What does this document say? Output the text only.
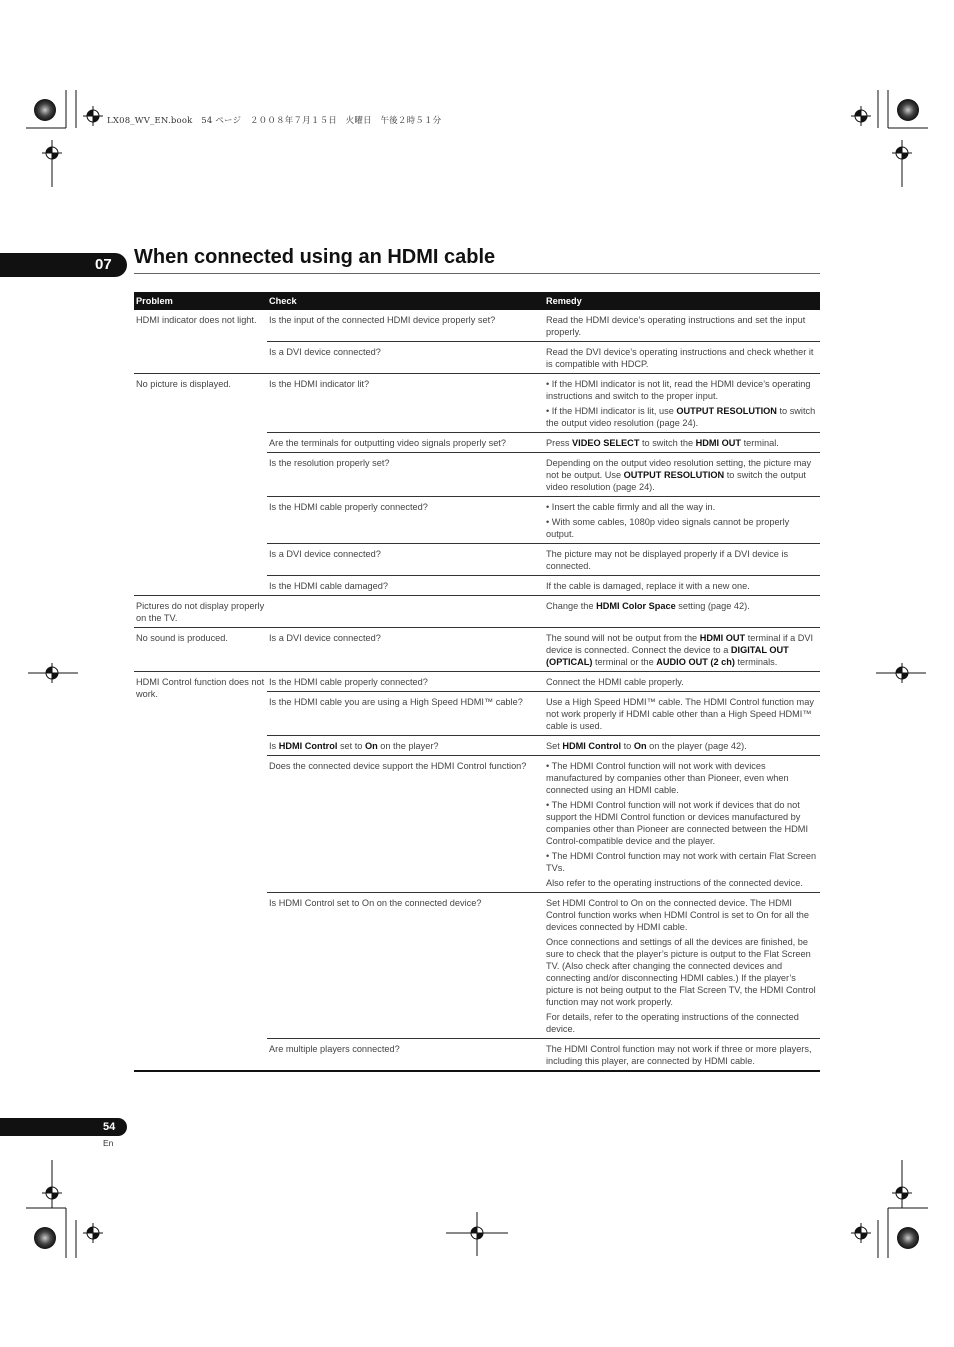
LX08_WV_EN.book　54 ページ　２００８年７月１５日　火曜日　午後２時５１分
07	When connected using an HDMI cable
Problem	Check	Remedy
HDMI indicator does not light.	Is the input of the connected HDMI device properly set?	Read the HDMI device’s operating instructions and set the input properly.

	Is a DVI device connected?	Read the DVI device’s operating instructions and check whether it is compatible with HDCP.

No picture is displayed.	Is the HDMI indicator lit?	• If the HDMI indicator is not lit, read the HDMI device’s operating instructions and switch to the proper input.
• If the HDMI indicator is lit, use OUTPUT RESOLUTION to switch the output video resolution (page 24).

	Are the terminals for outputting video signals properly set?	Press VIDEO SELECT to switch the HDMI OUT terminal.

	Is the resolution properly set?	Depending on the output video resolution setting, the picture may not be output. Use OUTPUT RESOLUTION to switch the output video resolution (page 24).

	Is the HDMI cable properly connected?	• Insert the cable firmly and all the way in.
• With some cables, 1080p video signals cannot be properly output.

	Is a DVI device connected?	The picture may not be displayed properly if a DVI device is connected.

	Is the HDMI cable damaged?	If the cable is damaged, replace it with a new one.

Pictures do not display properly on the TV.		Change the HDMI Color Space setting (page 42).

No sound is produced.	Is a DVI device connected?	The sound will not be output from the HDMI OUT terminal if a DVI device is connected. Connect the device to a DIGITAL OUT (OPTICAL) terminal or the AUDIO OUT (2 ch) terminals.

HDMI Control function does not work.	Is the HDMI cable properly connected?	Connect the HDMI cable properly.

	Is the HDMI cable you are using a High Speed HDMI™ cable?	Use a High Speed HDMI™ cable. The HDMI Control function may not work properly if HDMI cable other than a High Speed HDMI™ cable is used.

	Is HDMI Control set to On on the player?	Set HDMI Control to On on the player (page 42).

	Does the connected device support the HDMI Control function?	• The HDMI Control function will not work with devices manufactured by companies other than Pioneer, even when connected using an HDMI cable.
• The HDMI Control function will not work if devices that do not support the HDMI Control function or devices manufactured by companies other than Pioneer are connected between the HDMI Control-compatible device and the player.
• The HDMI Control function may not work with certain Flat Screen TVs.
Also refer to the operating instructions of the connected device.

	Is HDMI Control set to On on the connected device?	Set HDMI Control to On on the connected device. The HDMI Control function works when HDMI Control is set to On for all the devices connected by HDMI cable.
Once connections and settings of all the devices are finished, be sure to check that the player’s picture is output to the Flat Screen TV. (Also check after changing the connected devices and connecting and/or disconnecting HDMI cables.) If the player’s picture is not being output to the Flat Screen TV, the HDMI Control function may not work properly.
For details, refer to the operating instructions of the connected device.

	Are multiple players connected?	The HDMI Control function may not work if three or more players, including this player, are connected by HDMI cable.
54
En
